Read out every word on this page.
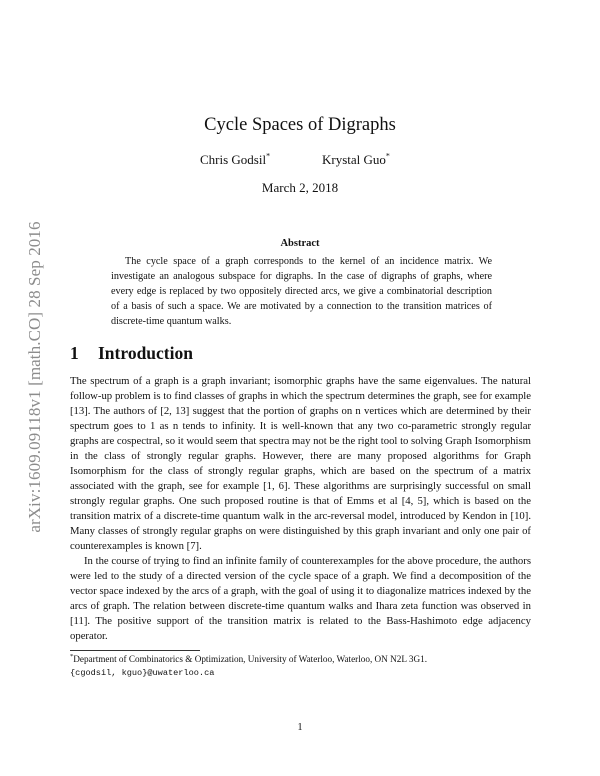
arXiv:1609.09118v1 [math.CO] 28 Sep 2016
Cycle Spaces of Digraphs
Chris Godsil*	Krystal Guo*
March 2, 2018
Abstract
The cycle space of a graph corresponds to the kernel of an incidence matrix. We investigate an analogous subspace for digraphs. In the case of digraphs of graphs, where every edge is replaced by two oppositely directed arcs, we give a combinatorial description of a basis of such a space. We are motivated by a connection to the transition matrices of discrete-time quantum walks.
1 Introduction

The spectrum of a graph is a graph invariant; isomorphic graphs have the same eigenvalues. The natural follow-up problem is to find classes of graphs in which the spectrum determines the graph, see for example [13]. The authors of [2, 13] suggest that the portion of graphs on n vertices which are determined by their spectrum goes to 1 as n tends to infinity. It is well-known that any two co-parametric strongly regular graphs are cospectral, so it would seem that spectra may not be the right tool to solving Graph Isomorphism in the class of strongly regular graphs. However, there are many proposed algorithms for Graph Isomorphism for the class of strongly regular graphs, which are based on the spectrum of a matrix associated with the graph, see for example [1, 6]. These algorithms are surprisingly successful on small strongly regular graphs. One such proposed routine is that of Emms et al [4, 5], which is based on the transition matrix of a discrete-time quantum walk in the arc-reversal model, introduced by Kendon in [10]. Many classes of strongly regular graphs on were distinguished by this graph invariant and only one pair of counterexamples is known [7].

In the course of trying to find an infinite family of counterexamples for the above procedure, the authors were led to the study of a directed version of the cycle space of a graph. We find a decomposition of the vector space indexed by the arcs of a graph, with the goal of using it to diagonalize matrices indexed by the arcs of graph. The relation between discrete-time quantum walks and Ihara zeta function was observed in [11]. The positive support of the transition matrix is related to the Bass-Hashimoto edge adjacency operator.

*Department of Combinatorics & Optimization, University of Waterloo, Waterloo, ON N2L 3G1.
{cgodsil, kguo}@uwaterloo.ca
1
